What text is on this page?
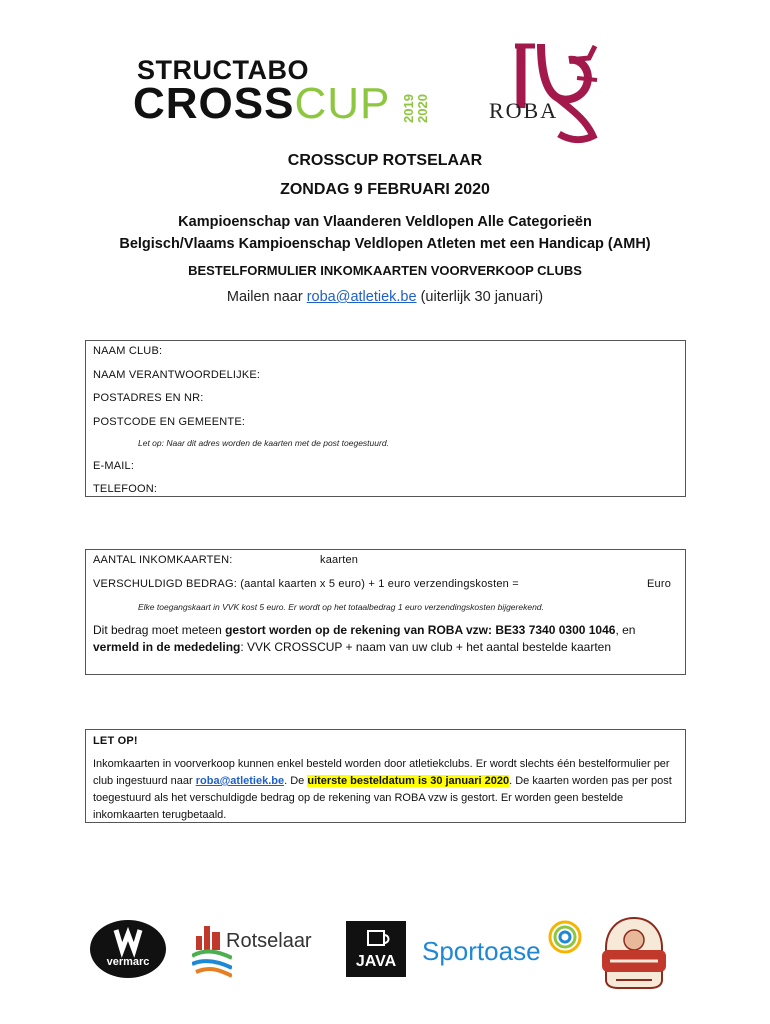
STRUCTABO
CROSSCUP 2019 2020	ROBA
CROSSCUP ROTSELAAR
ZONDAG 9 FEBRUARI 2020
Kampioenschap van Vlaanderen Veldlopen Alle Categorieën
Belgisch/Vlaams Kampioenschap Veldlopen Atleten met een Handicap (AMH)
BESTELFORMULIER INKOMKAARTEN VOORVERKOOP CLUBS
Mailen naar roba@atletiek.be (uiterlijk 30 januari)
NAAM CLUB:
NAAM VERANTWOORDELIJKE:
POSTADRES EN NR:
POSTCODE EN GEMEENTE:
Let op: Naar dit adres worden de kaarten met de post toegestuurd.
E-MAIL:
TELEFOON:
AANTAL INKOMKAARTEN:	kaarten
VERSCHULDIGD BEDRAG: (aantal kaarten x 5 euro) + 1 euro verzendingskosten =	Euro
Elke toegangskaart in VVK kost 5 euro. Er wordt op het totaalbedrag 1 euro verzendingskosten bijgerekend.
Dit bedrag moet meteen gestort worden op de rekening van ROBA vzw: BE33 7340 0300 1046, en vermeld in de mededeling: VVK CROSSCUP + naam van uw club + het aantal bestelde kaarten
LET OP!
Inkomkaarten in voorverkoop kunnen enkel besteld worden door atletiekclubs. Er wordt slechts één bestelformulier per club ingestuurd naar roba@atletiek.be. De uiterste besteldatum is 30 januari 2020. De kaarten worden pas per post toegestuurd als het verschuldigde bedrag op de rekening van ROBA vzw is gestort. Er worden geen bestelde inkomkaarten terugbetaald.
vermarc
Rotselaar
JAVA Sportoase
